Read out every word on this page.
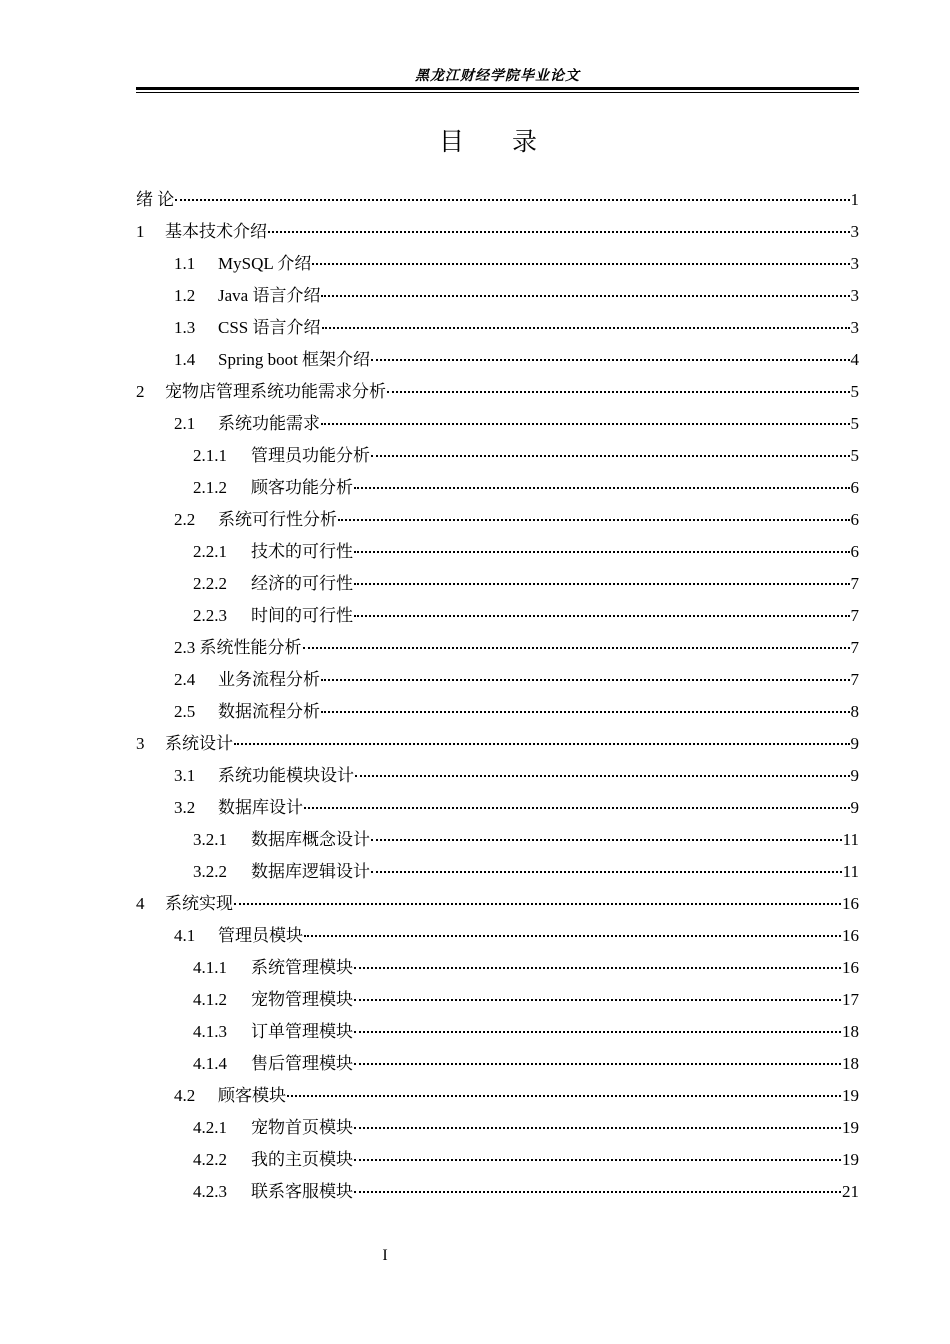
黑龙江财经学院毕业论文
目 录
绪 论	1
1	基本技术介绍	3
1.1	MySQL 介绍	3
1.2	Java 语言介绍	3
1.3	CSS 语言介绍	3
1.4	Spring boot 框架介绍	4
2	宠物店管理系统功能需求分析	5
2.1	系统功能需求	5
2.1.1	管理员功能分析	5
2.1.2	顾客功能分析	6
2.2	系统可行性分析	6
2.2.1	技术的可行性	6
2.2.2	经济的可行性	7
2.2.3	时间的可行性	7
2.3 系统性能分析	7
2.4	业务流程分析	7
2.5	数据流程分析	8
3	系统设计	9
3.1	系统功能模块设计	9
3.2	数据库设计	9
3.2.1	数据库概念设计	11
3.2.2	数据库逻辑设计	11
4	系统实现	16
4.1	管理员模块	16
4.1.1	系统管理模块	16
4.1.2	宠物管理模块	17
4.1.3	订单管理模块	18
4.1.4	售后管理模块	18
4.2	顾客模块	19
4.2.1	宠物首页模块	19
4.2.2	我的主页模块	19
4.2.3	联系客服模块	21
I
